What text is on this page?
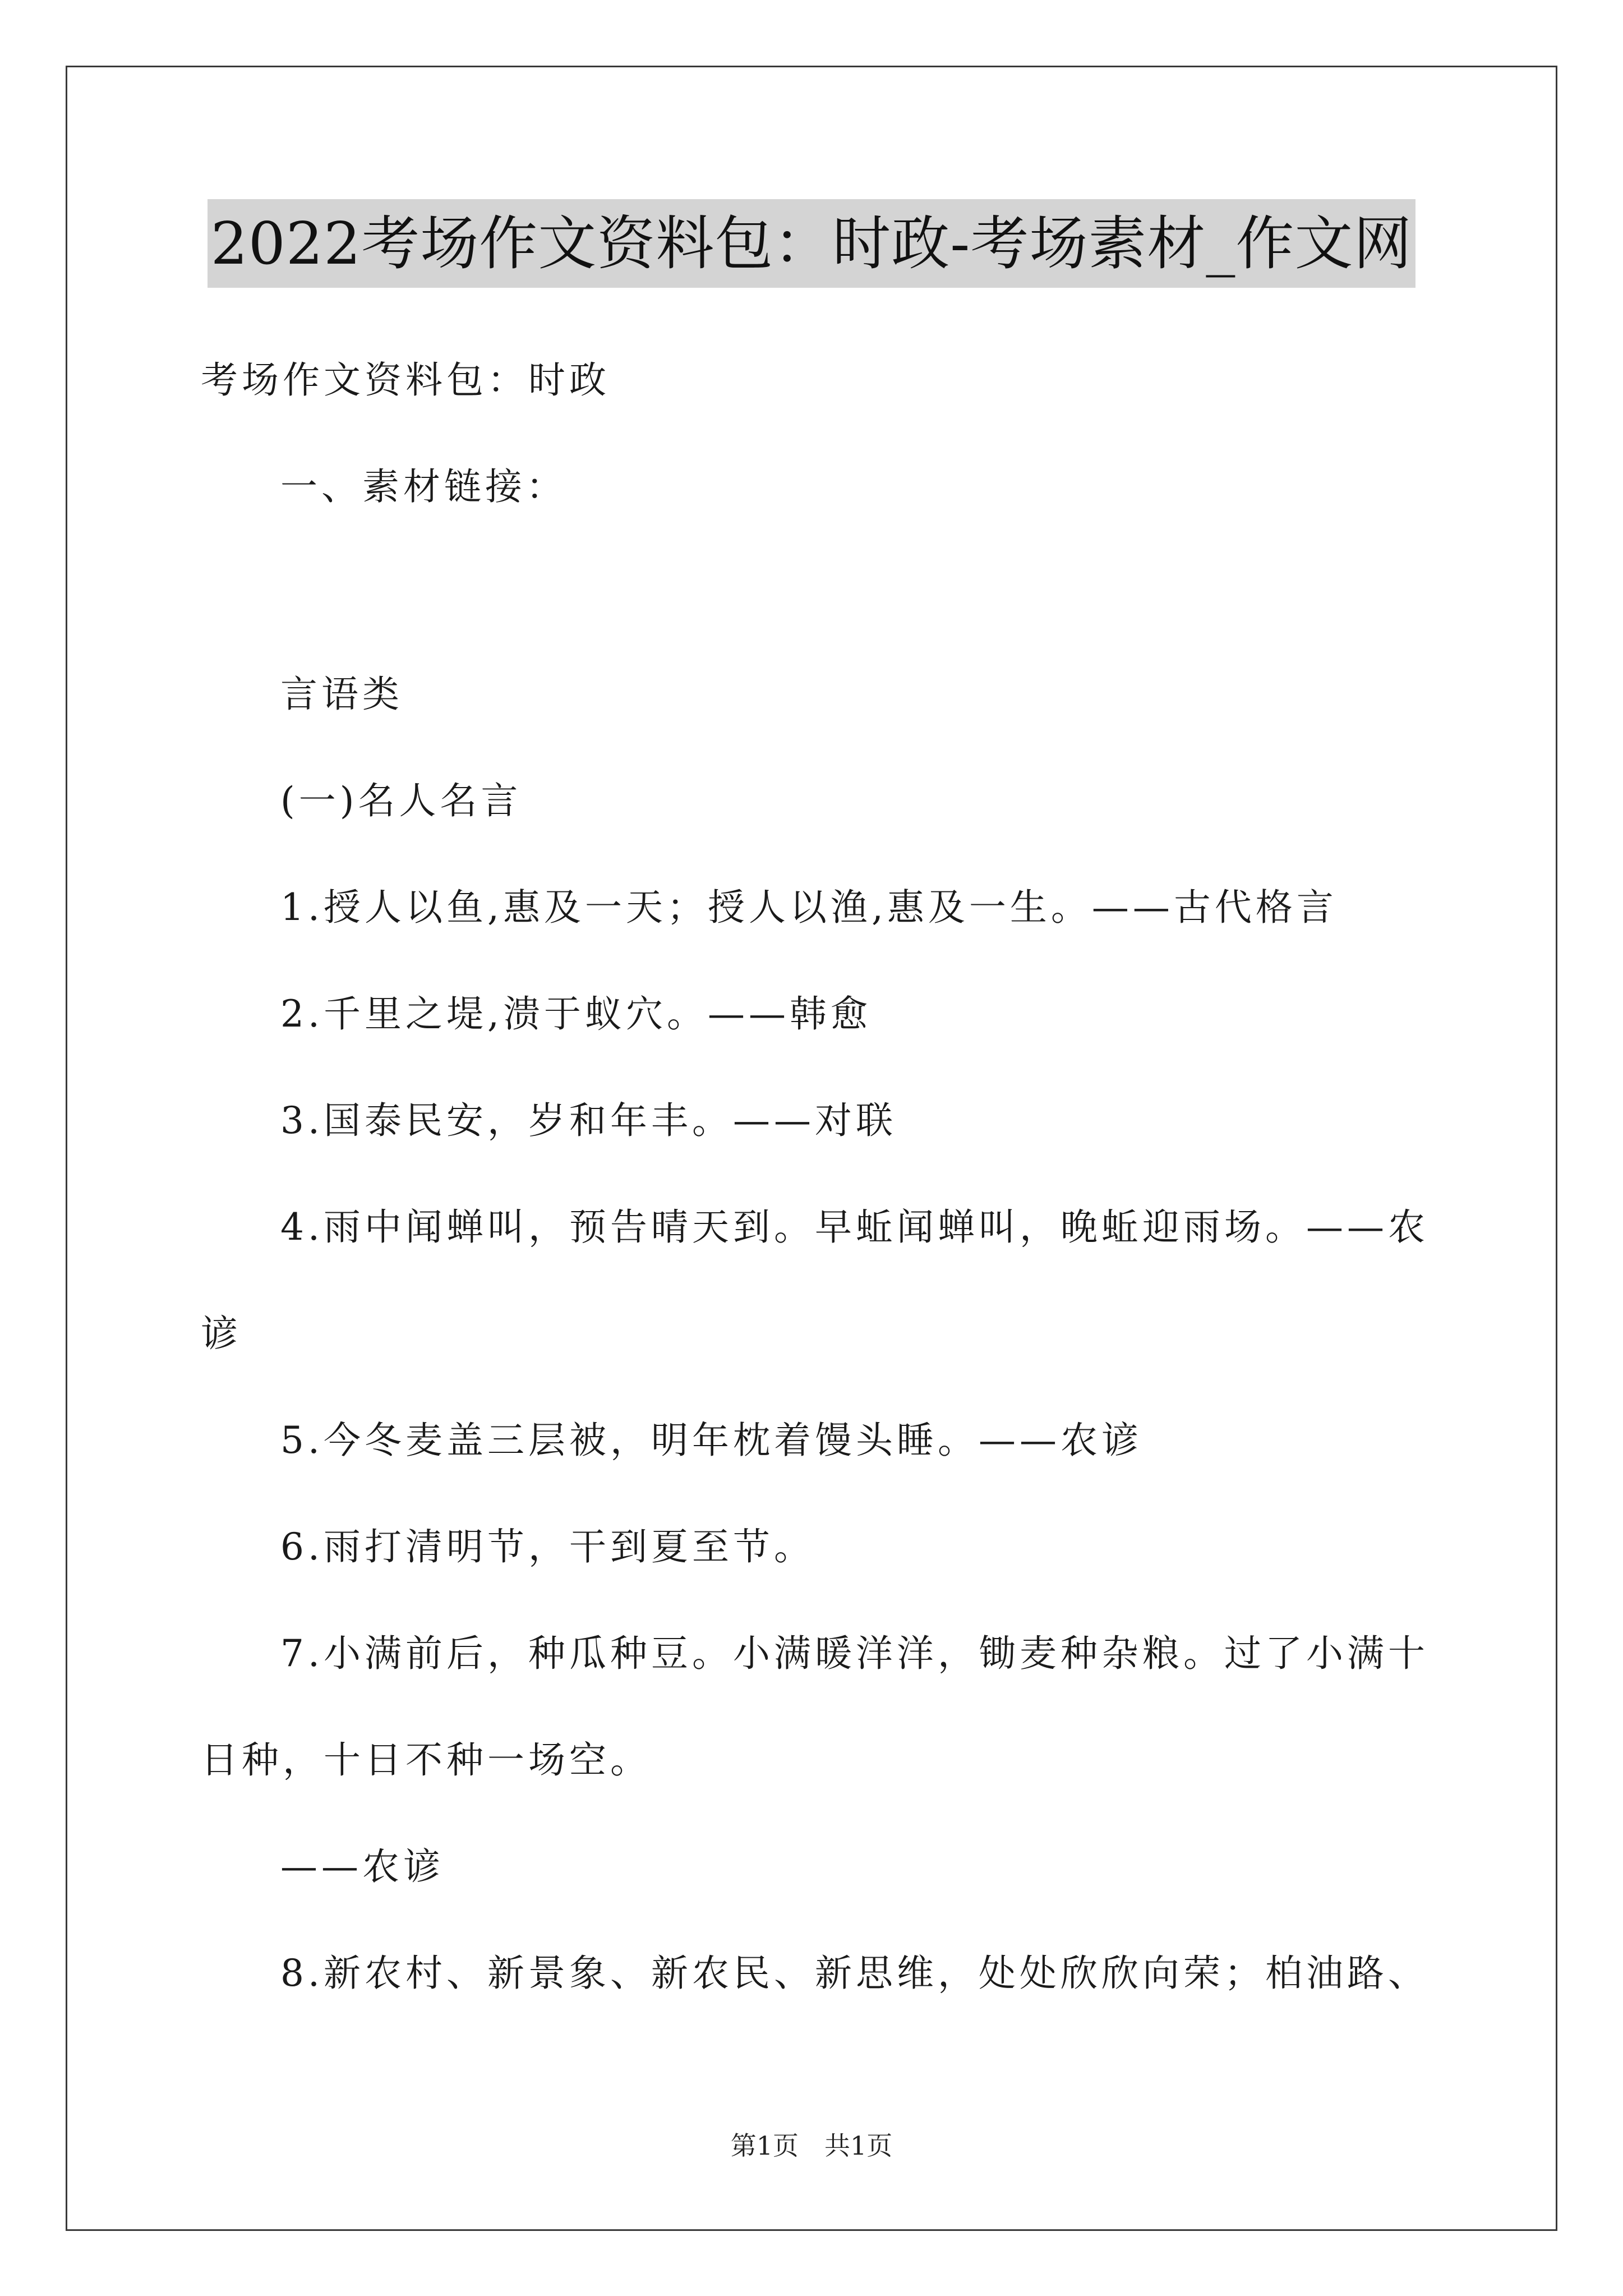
2022考场作文资料包：时政-考场素材_作文网
考场作文资料包：时政
一、素材链接：
言语类
(一)名人名言
1.授人以鱼,惠及一天；授人以渔,惠及一生。——古代格言
2.千里之堤,溃于蚁穴。——韩愈
3.国泰民安，岁和年丰。——对联
4.雨中闻蝉叫，预告晴天到。早蚯闻蝉叫，晚蚯迎雨场。——农
谚
5.今冬麦盖三层被，明年枕着馒头睡。——农谚
6.雨打清明节，干到夏至节。
7.小满前后，种瓜种豆。小满暖洋洋，锄麦种杂粮。过了小满十
日种，十日不种一场空。
——农谚
8.新农村、新景象、新农民、新思维，处处欣欣向荣；柏油路、
第1页　共1页
